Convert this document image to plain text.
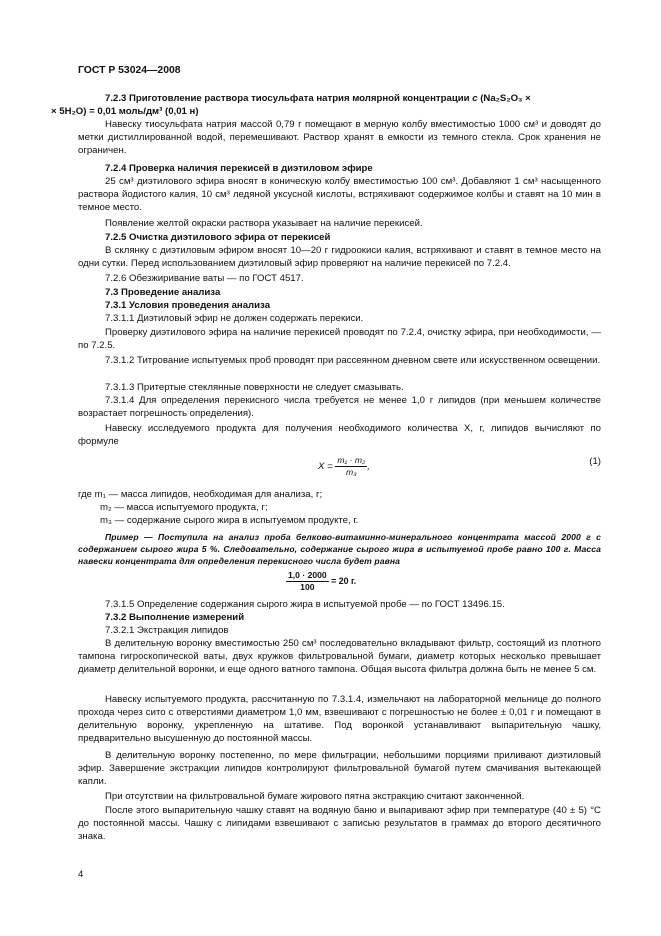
ГОСТ Р 53024—2008
7.2.3 Приготовление раствора тиосульфата натрия молярной концентрации c (Na₂S₂O₃ ×
× 5H₂O) = 0,01 моль/дм³ (0,01 н)

Навеску тиосульфата натрия массой 0,79 г помещают в мерную колбу вместимостью 1000 см³ и доводят до метки дистиллированной водой, перемешивают. Раствор хранят в емкости из темного стекла. Срок хранения не ограничен.

7.2.4 Проверка наличия перекисей в диэтиловом эфире

25 см³ диэтилового эфира вносят в коническую колбу вместимостью 100 см³. Добавляют 1 см³ насыщенного раствора йодистого калия, 10 см³ ледяной уксусной кислоты, встряхивают содержимое колбы и ставят на 10 мин в темное место.

Появление желтой окраски раствора указывает на наличие перекисей.

7.2.5 Очистка диэтилового эфира от перекисей

В склянку с диэтиловым эфиром вносят 10—20 г гидроокиси калия, встряхивают и ставят в темное место на одни сутки. Перед использованием диэтиловый эфир проверяют на наличие перекисей по 7.2.4.

7.2.6 Обезжиривание ваты — по ГОСТ 4517.

7.3 Проведение анализа

7.3.1 Условия проведения анализа

7.3.1.1 Диэтиловый эфир не должен содержать перекиси.

Проверку диэтилового эфира на наличие перекисей проводят по 7.2.4, очистку эфира, при необходимости, — по 7.2.5.

7.3.1.2 Титрование испытуемых проб проводят при рассеянном дневном свете или искусственном освещении.

7.3.1.3 Притертые стеклянные поверхности не следует смазывать.

7.3.1.4 Для определения перекисного числа требуется не менее 1,0 г липидов (при меньшем количестве возрастает погрешность определения).

Навеску исследуемого продукта для получения необходимого количества X, г, липидов вычисляют по формуле

$X = \frac{\text{m₁ · m₂}}{\text{m₃}}$ ,	(1)
где m₁ — масса липидов, необходимая для анализа, г;
m₂ — масса испытуемого продукта, г;
m₃ — содержание сырого жира в испытуемом продукте, г.

Пример — Поступила на анализ проба белково-витаминно-минерального концентрата массой 2000 г с содержанием сырого жира 5 %. Следовательно, содержание сырого жира в испытуемой пробе равно 100 г. Масса навески концентрата для определения перекисного числа будет равна

$\frac{1,0 \cdot 2000}{100} = 20$ г.

7.3.1.5 Определение содержания сырого жира в испытуемой пробе — по ГОСТ 13496.15.

7.3.2 Выполнение измерений

7.3.2.1 Экстракция липидов

В делительную воронку вместимостью 250 см³ последовательно вкладывают фильтр, состоящий из плотного тампона гигроскопической ваты, двух кружков фильтровальной бумаги, диаметр которых несколько превышает диаметр делительной воронки, и еще одного ватного тампона. Общая высота фильтра должна быть не менее 5 см.

Навеску испытуемого продукта, рассчитанную по 7.3.1.4, измельчают на лабораторной мельнице до полного прохода через сито с отверстиями диаметром 1,0 мм, взвешивают с погрешностью не более ± 0,01 г и помещают в делительную воронку, укрепленную на штативе. Под воронкой устанавливают выпарительную чашку, предварительно высушенную до постоянной массы.

В делительную воронку постепенно, по мере фильтрации, небольшими порциями приливают диэтиловый эфир. Завершение экстракции липидов контролируют фильтровальной бумагой путем смачивания вытекающей капли.

При отсутствии на фильтровальной бумаге жирового пятна экстракцию считают законченной.

После этого выпарительную чашку ставят на водяную баню и выпаривают эфир при температуре (40 ± 5) °С до постоянной массы. Чашку с липидами взвешивают с записью результатов в граммах до второго десятичного знака.

4
